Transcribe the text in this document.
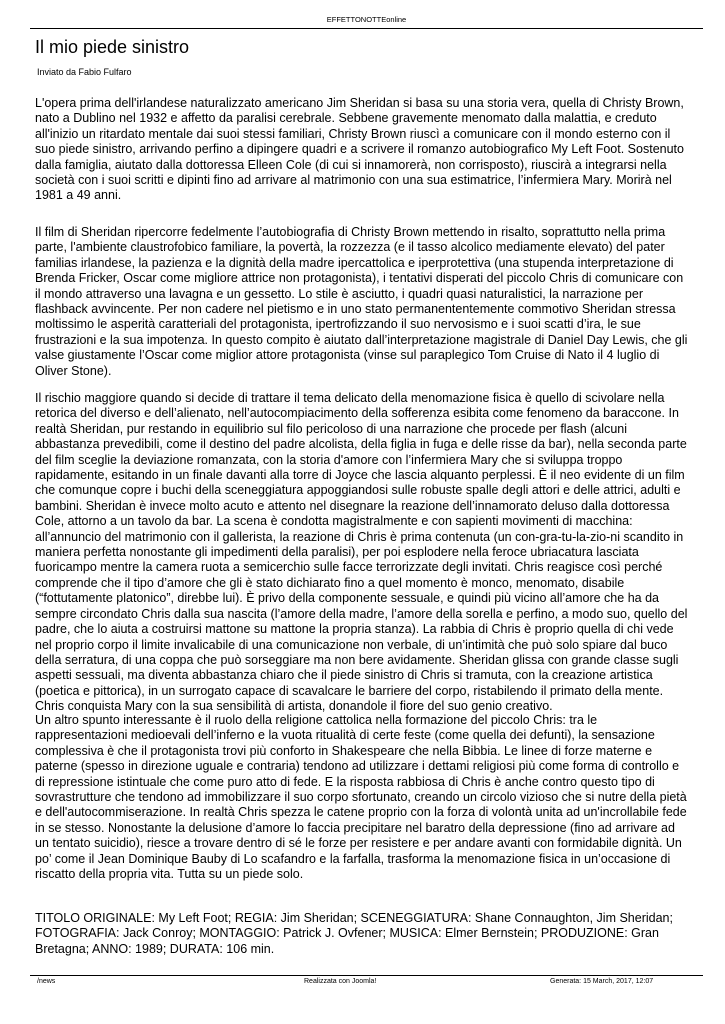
EFFETTONOTTEonline
Il mio piede sinistro
Inviato da Fabio Fulfaro

L'opera prima dell'irlandese naturalizzato americano Jim Sheridan si basa su una storia vera, quella di Christy Brown, nato a Dublino nel 1932 e affetto da paralisi cerebrale. Sebbene gravemente menomato dalla malattia, e creduto all'inizio un ritardato mentale dai suoi stessi familiari, Christy Brown riuscì a comunicare con il mondo esterno con il suo piede sinistro, arrivando perfino a dipingere quadri e a scrivere il romanzo autobiografico My Left Foot. Sostenuto dalla famiglia, aiutato dalla dottoressa Elleen Cole (di cui si innamorerà, non corrisposto), riuscirà a integrarsi nella società con i suoi scritti e dipinti fino ad arrivare al matrimonio con una sua estimatrice, l’infermiera Mary. Morirà nel 1981 a 49 anni.

Il film di Sheridan ripercorre fedelmente l’autobiografia di Christy Brown mettendo in risalto, soprattutto nella prima parte, l'ambiente claustrofobico familiare, la povertà, la rozzezza (e il tasso alcolico mediamente elevato) del pater familias irlandese, la pazienza e la dignità della madre ipercattolica e iperprotettiva (una stupenda interpretazione di Brenda Fricker, Oscar come migliore attrice non protagonista), i tentativi disperati del piccolo Chris di comunicare con il mondo attraverso una lavagna e un gessetto. Lo stile è asciutto, i quadri quasi naturalistici, la narrazione per flashback avvincente. Per non cadere nel pietismo e in uno stato permanententemente commotivo Sheridan stressa moltissimo le asperità caratteriali del protagonista, ipertrofizzando il suo nervosismo e i suoi scatti d’ira, le sue frustrazioni e la sua impotenza. In questo compito è aiutato dall’interpretazione magistrale di Daniel Day Lewis, che gli valse giustamente l’Oscar come miglior attore protagonista (vinse sul paraplegico Tom Cruise di Nato il 4 luglio di Oliver Stone).

Il rischio maggiore quando si decide di trattare il tema delicato della menomazione fisica è quello di scivolare nella retorica del diverso e dell’alienato, nell’autocompiacimento della sofferenza esibita come fenomeno da baraccone. In realtà Sheridan, pur restando in equilibrio sul filo pericoloso di una narrazione che procede per flash (alcuni abbastanza prevedibili, come il destino del padre alcolista, della figlia in fuga e delle risse da bar), nella seconda parte del film sceglie la deviazione romanzata, con la storia d'amore con l’infermiera Mary che si sviluppa troppo rapidamente, esitando in un finale davanti alla torre di Joyce che lascia alquanto perplessi. È il neo evidente di un film che comunque copre i buchi della sceneggiatura appoggiandosi sulle robuste spalle degli attori e delle attrici, adulti e bambini. Sheridan è invece molto acuto e attento nel disegnare la reazione dell’innamorato deluso dalla dottoressa Cole, attorno a un tavolo da bar. La scena è condotta magistralmente e con sapienti movimenti di macchina: all’annuncio del matrimonio con il gallerista, la reazione di Chris è prima contenuta (un con-gra-tu-la-zio-ni scandito in maniera perfetta nonostante gli impedimenti della paralisi), per poi esplodere nella feroce ubriacatura lasciata fuoricampo mentre la camera ruota a semicerchio sulle facce terrorizzate degli invitati. Chris reagisce così perché comprende che il tipo d’amore che gli è stato dichiarato fino a quel momento è monco, menomato, disabile (“fottutamente platonico”, direbbe lui). È privo della componente sessuale, e quindi più vicino all’amore che ha da sempre circondato Chris dalla sua nascita (l’amore della madre, l’amore della sorella e perfino, a modo suo, quello del padre, che lo aiuta a costruirsi mattone su mattone la propria stanza). La rabbia di Chris è proprio quella di chi vede nel proprio corpo il limite invalicabile di una comunicazione non verbale, di un’intimità che può solo spiare dal buco della serratura, di una coppa che può sorseggiare ma non bere avidamente. Sheridan glissa con grande classe sugli aspetti sessuali, ma diventa abbastanza chiaro che il piede sinistro di Chris si tramuta, con la creazione artistica (poetica e pittorica), in un surrogato capace di scavalcare le barriere del corpo, ristabilendo il primato della mente. Chris conquista Mary con la sua sensibilità di artista, donandole il fiore del suo genio creativo.

Un altro spunto interessante è il ruolo della religione cattolica nella formazione del piccolo Chris: tra le rappresentazioni medioevali dell’inferno e la vuota ritualità di certe feste (come quella dei defunti), la sensazione complessiva è che il protagonista trovi più conforto in Shakespeare che nella Bibbia. Le linee di forze materne e paterne (spesso in direzione uguale e contraria) tendono ad utilizzare i dettami religiosi più come forma di controllo e di repressione istintuale che come puro atto di fede. E la risposta rabbiosa di Chris è anche contro questo tipo di sovrastrutture che tendono ad immobilizzare il suo corpo sfortunato, creando un circolo vizioso che si nutre della pietà e dell'autocommiserazione. In realtà Chris spezza le catene proprio con la forza di volontà unita ad un'incrollabile fede in se stesso. Nonostante la delusione d’amore lo faccia precipitare nel baratro della depressione (fino ad arrivare ad un tentato suicidio), riesce a trovare dentro di sé le forze per resistere e per andare avanti con formidabile dignità. Un po’ come il Jean Dominique Bauby di Lo scafandro e la farfalla, trasforma la menomazione fisica in un’occasione di riscatto della propria vita. Tutta su un piede solo.

TITOLO ORIGINALE: My Left Foot; REGIA: Jim Sheridan; SCENEGGIATURA: Shane Connaughton, Jim Sheridan; FOTOGRAFIA: Jack Conroy; MONTAGGIO: Patrick J. Ovfener; MUSICA: Elmer Bernstein; PRODUZIONE: Gran Bretagna; ANNO: 1989; DURATA: 106 min.

/news	Realizzata con Joomla!	Generata: 15 March, 2017, 12:07
